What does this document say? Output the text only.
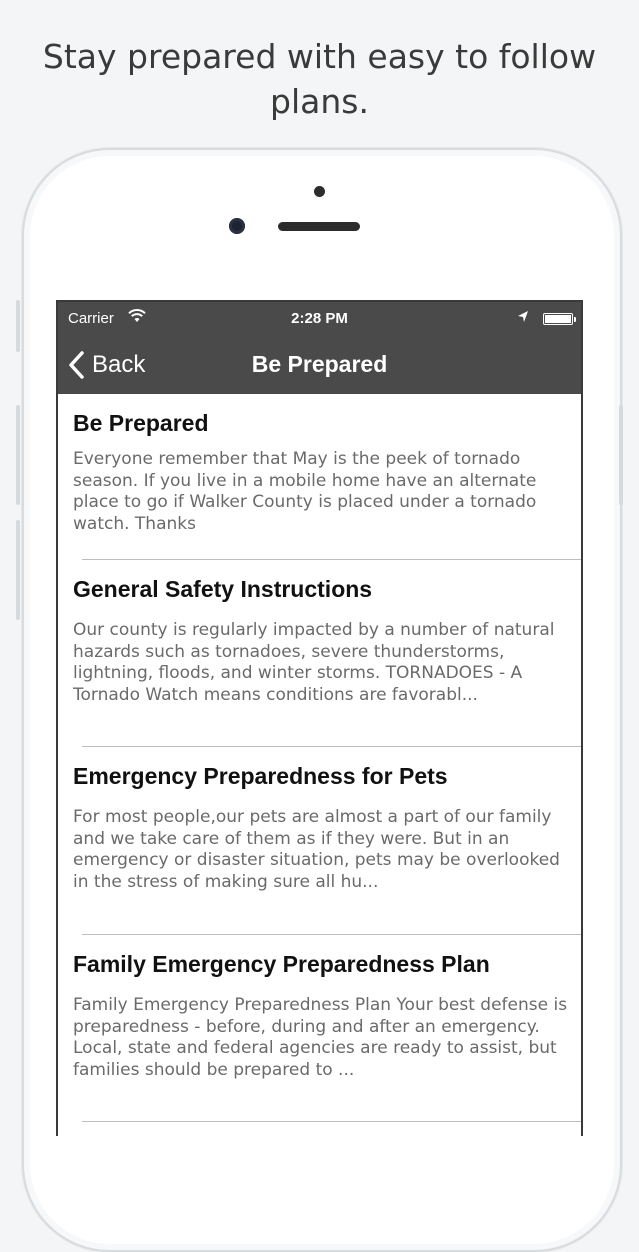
Stay prepared with easy to follow plans.
Carrier	2:28 PM
Back	Be Prepared

Be Prepared

Everyone remember that May is the peek of tornado season. If you live in a mobile home have an alternate place to go if Walker County is placed under a tornado watch. Thanks

General Safety Instructions

Our county is regularly impacted by a number of natural hazards such as tornadoes, severe thunderstorms, lightning, floods, and winter storms. TORNADOES - A Tornado Watch means conditions are favorabl...

Emergency Preparedness for Pets

For most people,our pets are almost a part of our family and we take care of them as if they were. But in an emergency or disaster situation, pets may be overlooked in the stress of making sure all hu...

Family Emergency Preparedness Plan

Family Emergency Preparedness Plan Your best defense is preparedness - before, during and after an emergency. Local, state and federal agencies are ready to assist, but families should be prepared to ...
